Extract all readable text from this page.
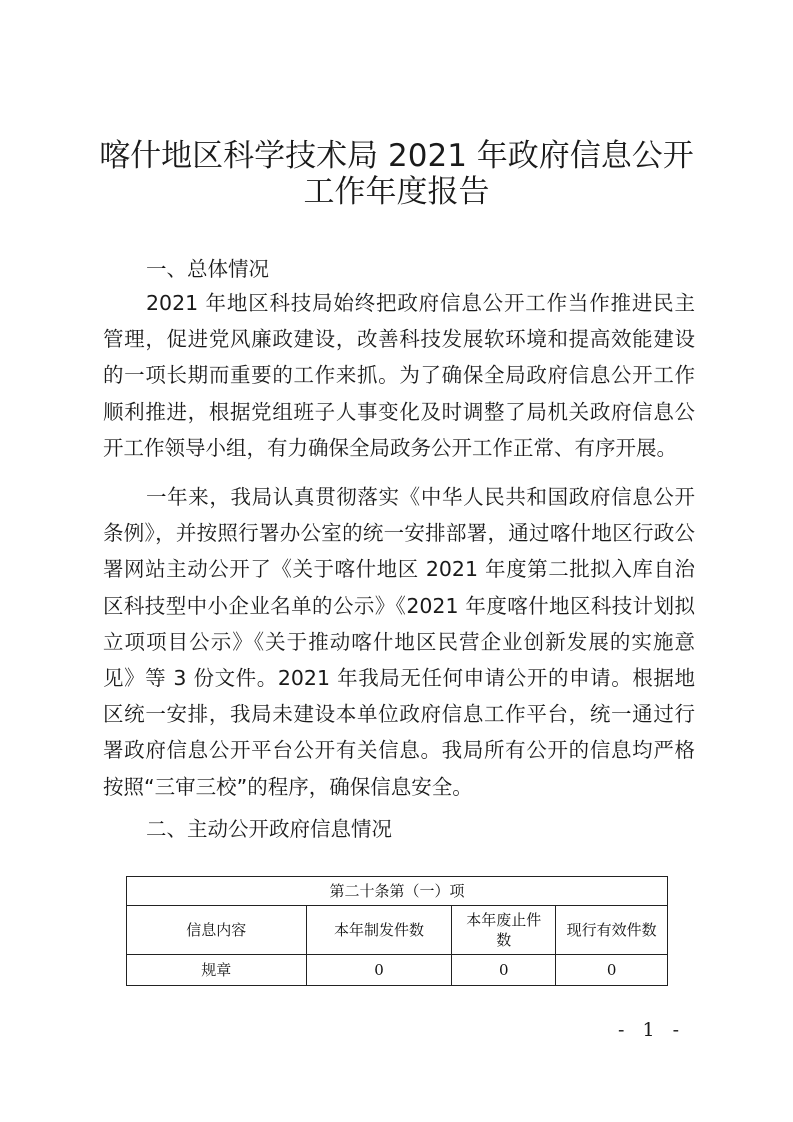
喀什地区科学技术局 2021 年政府信息公开
工作年度报告

一、总体情况

2021 年地区科技局始终把政府信息公开工作当作推进民主管理，促进党风廉政建设，改善科技发展软环境和提高效能建设的一项长期而重要的工作来抓。为了确保全局政府信息公开工作顺利推进，根据党组班子人事变化及时调整了局机关政府信息公开工作领导小组，有力确保全局政务公开工作正常、有序开展。

一年来，我局认真贯彻落实《中华人民共和国政府信息公开条例》，并按照行署办公室的统一安排部署，通过喀什地区行政公署网站主动公开了《关于喀什地区 2021 年度第二批拟入库自治区科技型中小企业名单的公示》《2021 年度喀什地区科技计划拟立项项目公示》《关于推动喀什地区民营企业创新发展的实施意见》等 3 份文件。2021 年我局无任何申请公开的申请。根据地区统一安排，我局未建设本单位政府信息工作平台，统一通过行署政府信息公开平台公开有关信息。我局所有公开的信息均严格按照“三审三校”的程序，确保信息安全。

二、主动公开政府信息情况

第二十条第（一）项			
信息内容	本年制发件数	本年废止件数	现行有效件数
规章	0	0	0
- 1 -
